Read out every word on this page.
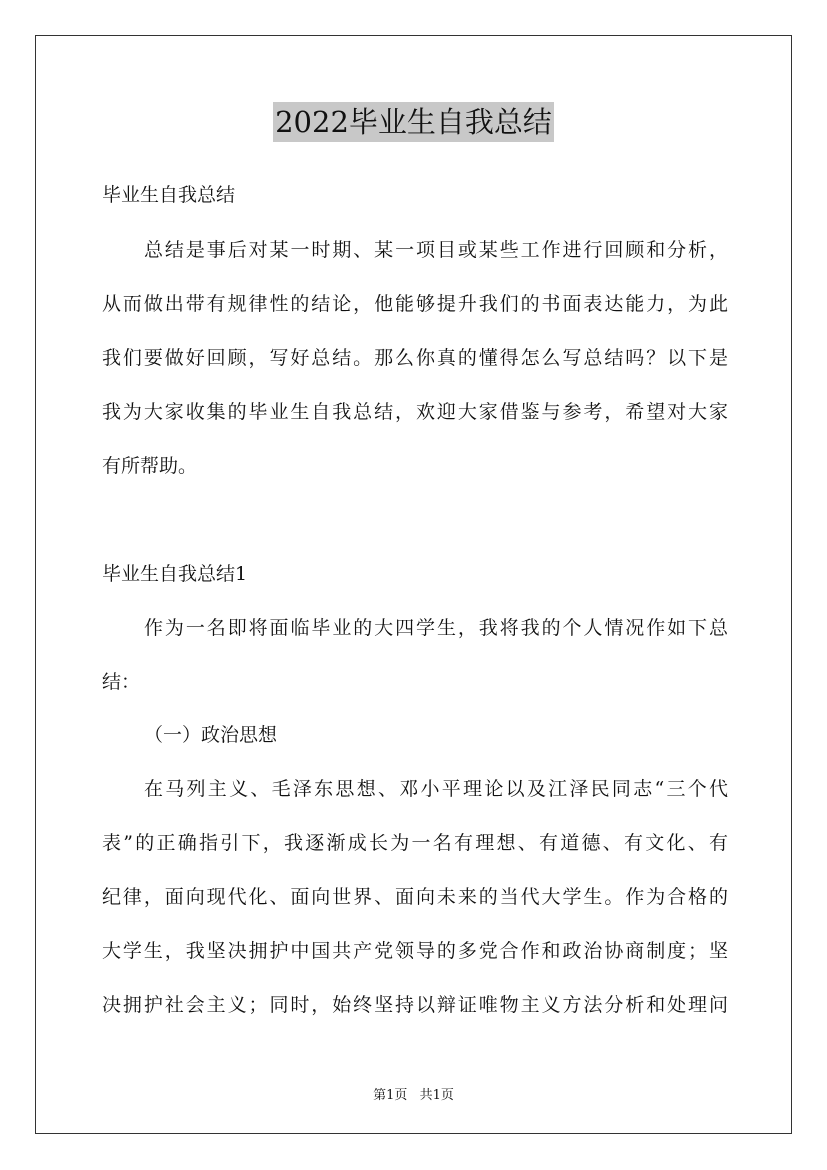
2022毕业生自我总结
毕业生自我总结
总结是事后对某一时期、某一项目或某些工作进行回顾和分析，
从而做出带有规律性的结论，他能够提升我们的书面表达能力，为此
我们要做好回顾，写好总结。那么你真的懂得怎么写总结吗？以下是
我为大家收集的毕业生自我总结，欢迎大家借鉴与参考，希望对大家
有所帮助。
毕业生自我总结1
作为一名即将面临毕业的大四学生，我将我的个人情况作如下总
结：
（一）政治思想
在马列主义、毛泽东思想、邓小平理论以及江泽民同志“三个代
表”的正确指引下，我逐渐成长为一名有理想、有道德、有文化、有
纪律，面向现代化、面向世界、面向未来的当代大学生。作为合格的
大学生，我坚决拥护中国共产党领导的多党合作和政治协商制度；坚
决拥护社会主义；同时，始终坚持以辩证唯物主义方法分析和处理问
第1页 共1页
